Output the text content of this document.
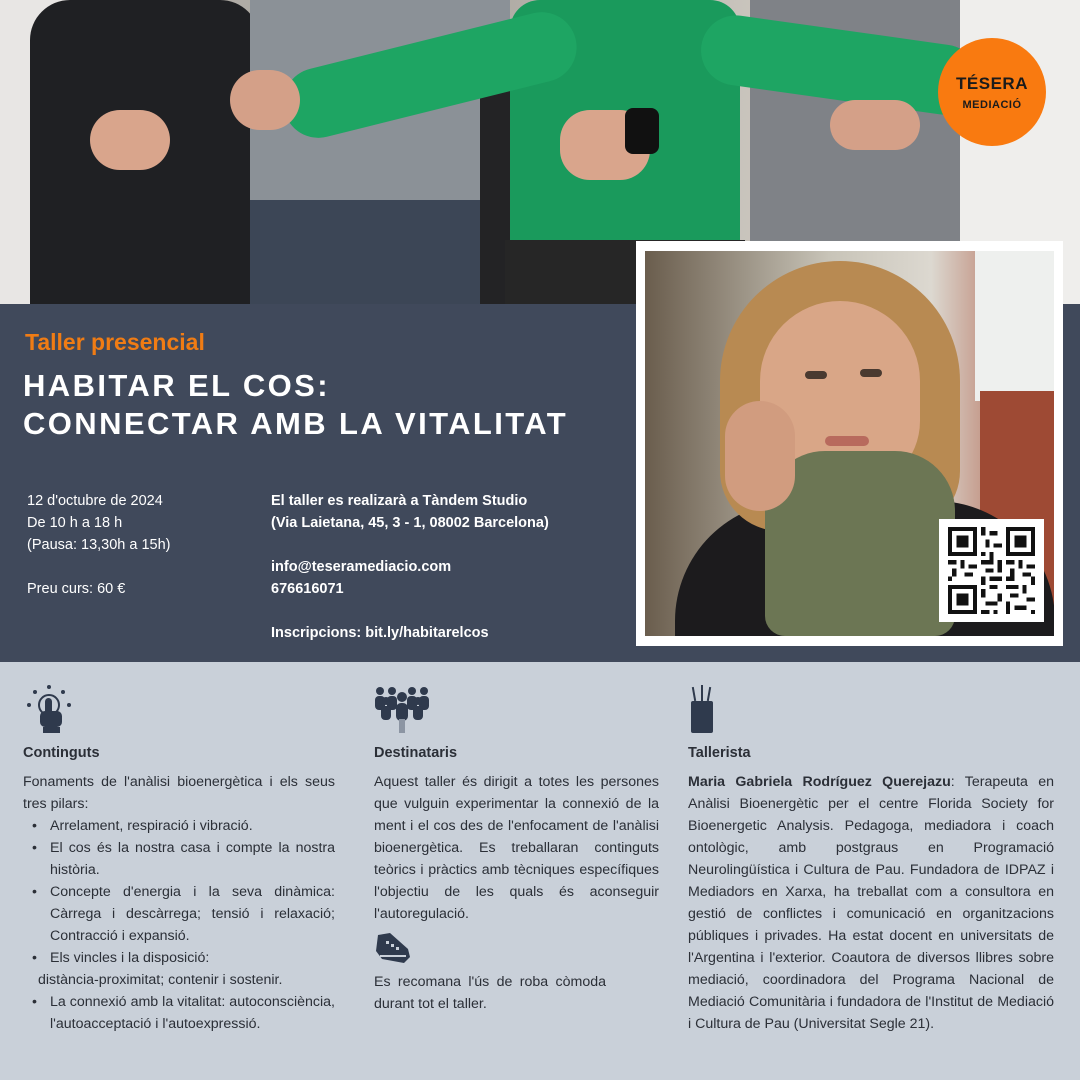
TÉSERA
MEDIACIÓ
Taller presencial
HABITAR EL COS:
CONNECTAR AMB LA VITALITAT
12 d'octubre de 2024
De 10 h a 18 h
(Pausa: 13,30h a 15h)
Preu curs: 60 €
El taller es realizarà a Tàndem Studio
(Via Laietana, 45, 3 - 1, 08002 Barcelona)
info@teseramediacio.com
676616071
Inscripcions: bit.ly/habitarelcos
Continguts
Fonaments de l'anàlisi bioenergètica i els seus tres pilars:
• Arrelament, respiració i vibració.
• El cos és la nostra casa i compte la nostra història.
• Concepte d'energia i la seva dinàmica: Càrrega i descàrrega; tensió i relaxació; Contracció i expansió.
• Els vincles i la disposició:
distància-proximitat; contenir i sostenir.
• La connexió amb la vitalitat: autoconsciència, l'autoacceptació i l'autoexpressió.
Destinataris
Aquest taller és dirigit a totes les persones que vulguin experimentar la connexió de la ment i el cos des de l'enfocament de l'anàlisi bioenergètica. Es treballaran continguts teòrics i pràctics amb tècniques específiques l'objectiu de les quals és aconseguir l'autoregulació.
Es recomana l'ús de roba còmoda durant tot el taller.
Tallerista
Maria Gabriela Rodríguez Querejazu: Terapeuta en Anàlisi Bioenergètic per el centre Florida Society for Bioenergetic Analysis. Pedagoga, mediadora i coach ontològic, amb postgraus en Programació Neurolingüística i Cultura de Pau. Fundadora de IDPAZ i Mediadors en Xarxa, ha treballat com a consultora en gestió de conflictes i comunicació en organitzacions públiques i privades. Ha estat docent en universitats de l'Argentina i l'exterior. Coautora de diversos llibres sobre mediació, coordinadora del Programa Nacional de Mediació Comunitària i fundadora de l'Institut de Mediació i Cultura de Pau (Universitat Segle 21).
